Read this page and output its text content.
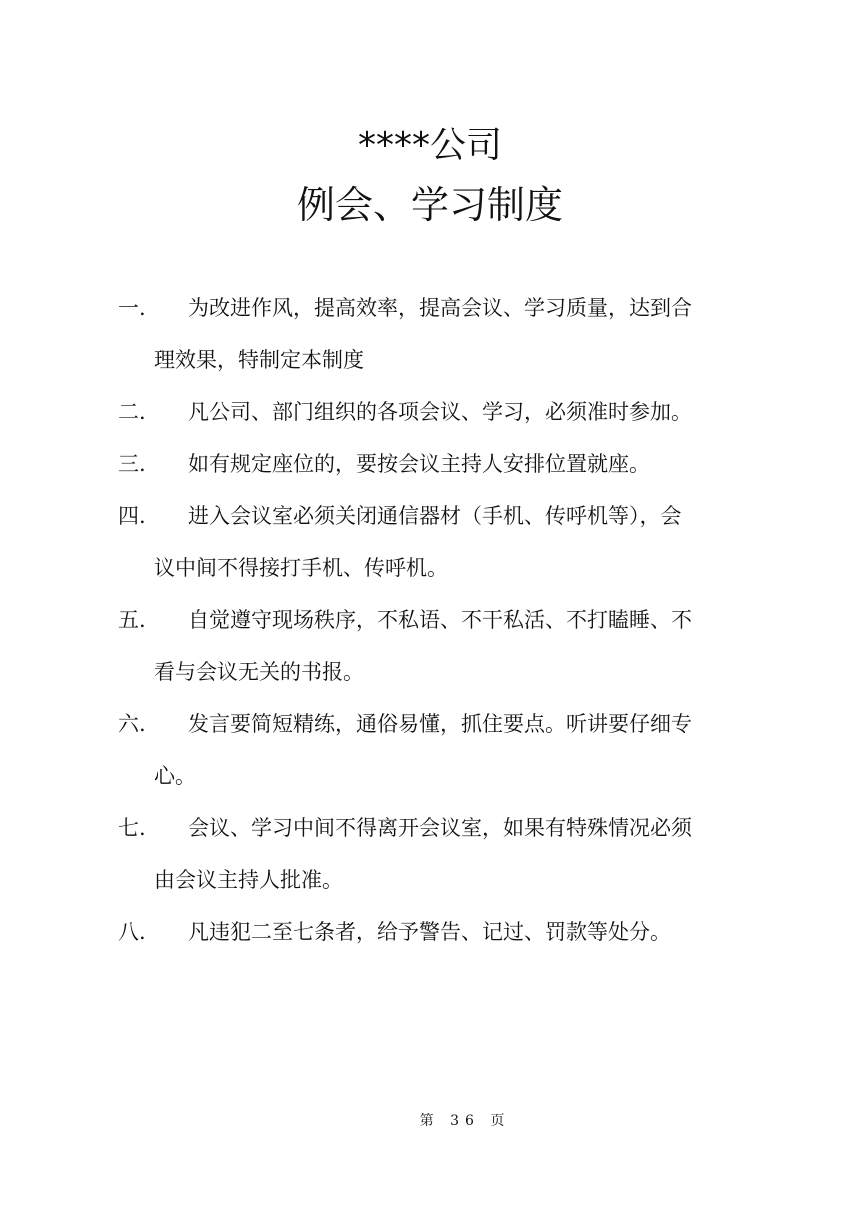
****公司
例会、学习制度
一.	为改进作风，提高效率，提高会议、学习质量，达到合
理效果，特制定本制度
二.	凡公司、部门组织的各项会议、学习，必须准时参加。
三.	如有规定座位的，要按会议主持人安排位置就座。
四.	进入会议室必须关闭通信器材（手机、传呼机等），会
议中间不得接打手机、传呼机。
五.	自觉遵守现场秩序，不私语、不干私活、不打瞌睡、不
看与会议无关的书报。
六.	发言要简短精练，通俗易懂，抓住要点。听讲要仔细专
心。
七.	会议、学习中间不得离开会议室，如果有特殊情况必须
由会议主持人批准。
八.	凡违犯二至七条者，给予警告、记过、罚款等处分。
第 36 页
